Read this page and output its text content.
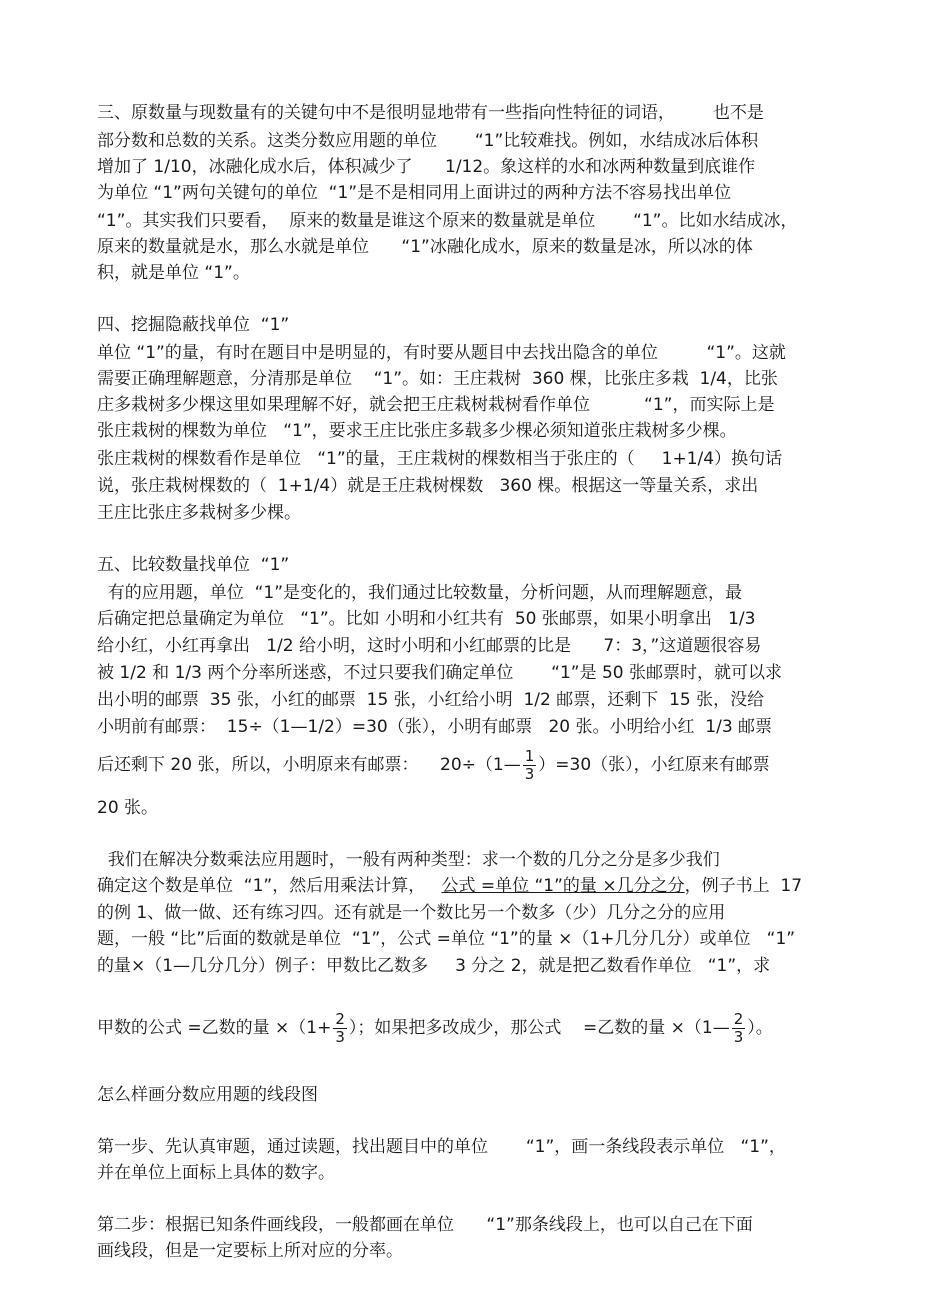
三、原数量与现数量有的关键句中不是很明显地带有一些指向性特征的词语，       也不是

部分数和总数的关系。这类分数应用题的单位       “1”比较难找。例如，水结成冰后体积

增加了 1/10，冰融化成水后，体积减少了      1/12。象这样的水和冰两种数量到底谁作

为单位 “1”两句关键句的单位  “1”是不是相同用上面讲过的两种方法不容易找出单位

“1”。其实我们只要看，  原来的数量是谁这个原来的数量就是单位       “1”。比如水结成冰，

原来的数量就是水，那么水就是单位      “1”冰融化成水，原来的数量是冰，所以冰的体

积，就是单位 “1”。

四、挖掘隐蔽找单位  “1”

单位 “1”的量，有时在题目中是明显的，有时要从题目中去找出隐含的单位         “1”。这就

需要正确理解题意，分清那是单位    “1”。如：王庄栽树  360 棵，比张庄多栽  1/4，比张

庄多栽树多少棵这里如果理解不好，就会把王庄栽树栽树看作单位          “1”，而实际上是

张庄栽树的棵数为单位   “1”，要求王庄比张庄多载多少棵必须知道张庄栽树多少棵。

张庄栽树的棵数看作是单位   “1”的量，王庄栽树的棵数相当于张庄的（     1+1/4）换句话

说，张庄栽树棵数的（  1+1/4）就是王庄栽树棵数   360 棵。根据这一等量关系，求出

王庄比张庄多栽树多少棵。

五、比较数量找单位  “1”

有的应用题，单位  “1”是变化的，我们通过比较数量，分析问题，从而理解题意，最

后确定把总量确定为单位   “1”。比如 小明和小红共有  50 张邮票，如果小明拿出   1/3

给小红，小红再拿出   1/2 给小明，这时小明和小红邮票的比是      7：3，”这道题很容易

被 1/2 和 1/3 两个分率所迷惑，不过只要我们确定单位       “1”是 50 张邮票时，就可以求

出小明的邮票  35 张，小红的邮票  15 张，小红给小明  1/2 邮票，还剩下  15 张，没给

小明前有邮票：  15÷（1—1/2）=30（张），小明有邮票   20 张。小明给小红  1/3 邮票

后还剩下 20 张，所以，小明原来有邮票：    20÷（1— $\frac{1}{3} )=30$（张），小红原来有邮票

20 张。

我们在解决分数乘法应用题时，一般有两种类型：求一个数的几分之分是多少我们

确定这个数是单位  “1”，然后用乘法计算，   公式 =单位 “1”的量 ×几分之分，例子书上  17

的例 1、做一做、还有练习四。还有就是一个数比另一个数多（少）几分之分的应用

题，一般 “比”后面的数就是单位  “1”，公式 =单位 “1”的量 ×（1+几分几分）或单位   “1”

的量×（1—几分几分）例子：甲数比乙数多     3 分之 2，就是把乙数看作单位   “1”，求

甲数的公式 =乙数的量 $\times(1+ \frac{2}{3}$ ）；如果把多改成少，那公式    =乙数的量 ×（1— $\frac{2}{3}$ ）。

怎么样画分数应用题的线段图

第一步、先认真审题，通过读题，找出题目中的单位       “1”，画一条线段表示单位   “1”，

并在单位上面标上具体的数字。

第二步：根据已知条件画线段，一般都画在单位      “1”那条线段上，也可以自己在下面

画线段，但是一定要标上所对应的分率。
